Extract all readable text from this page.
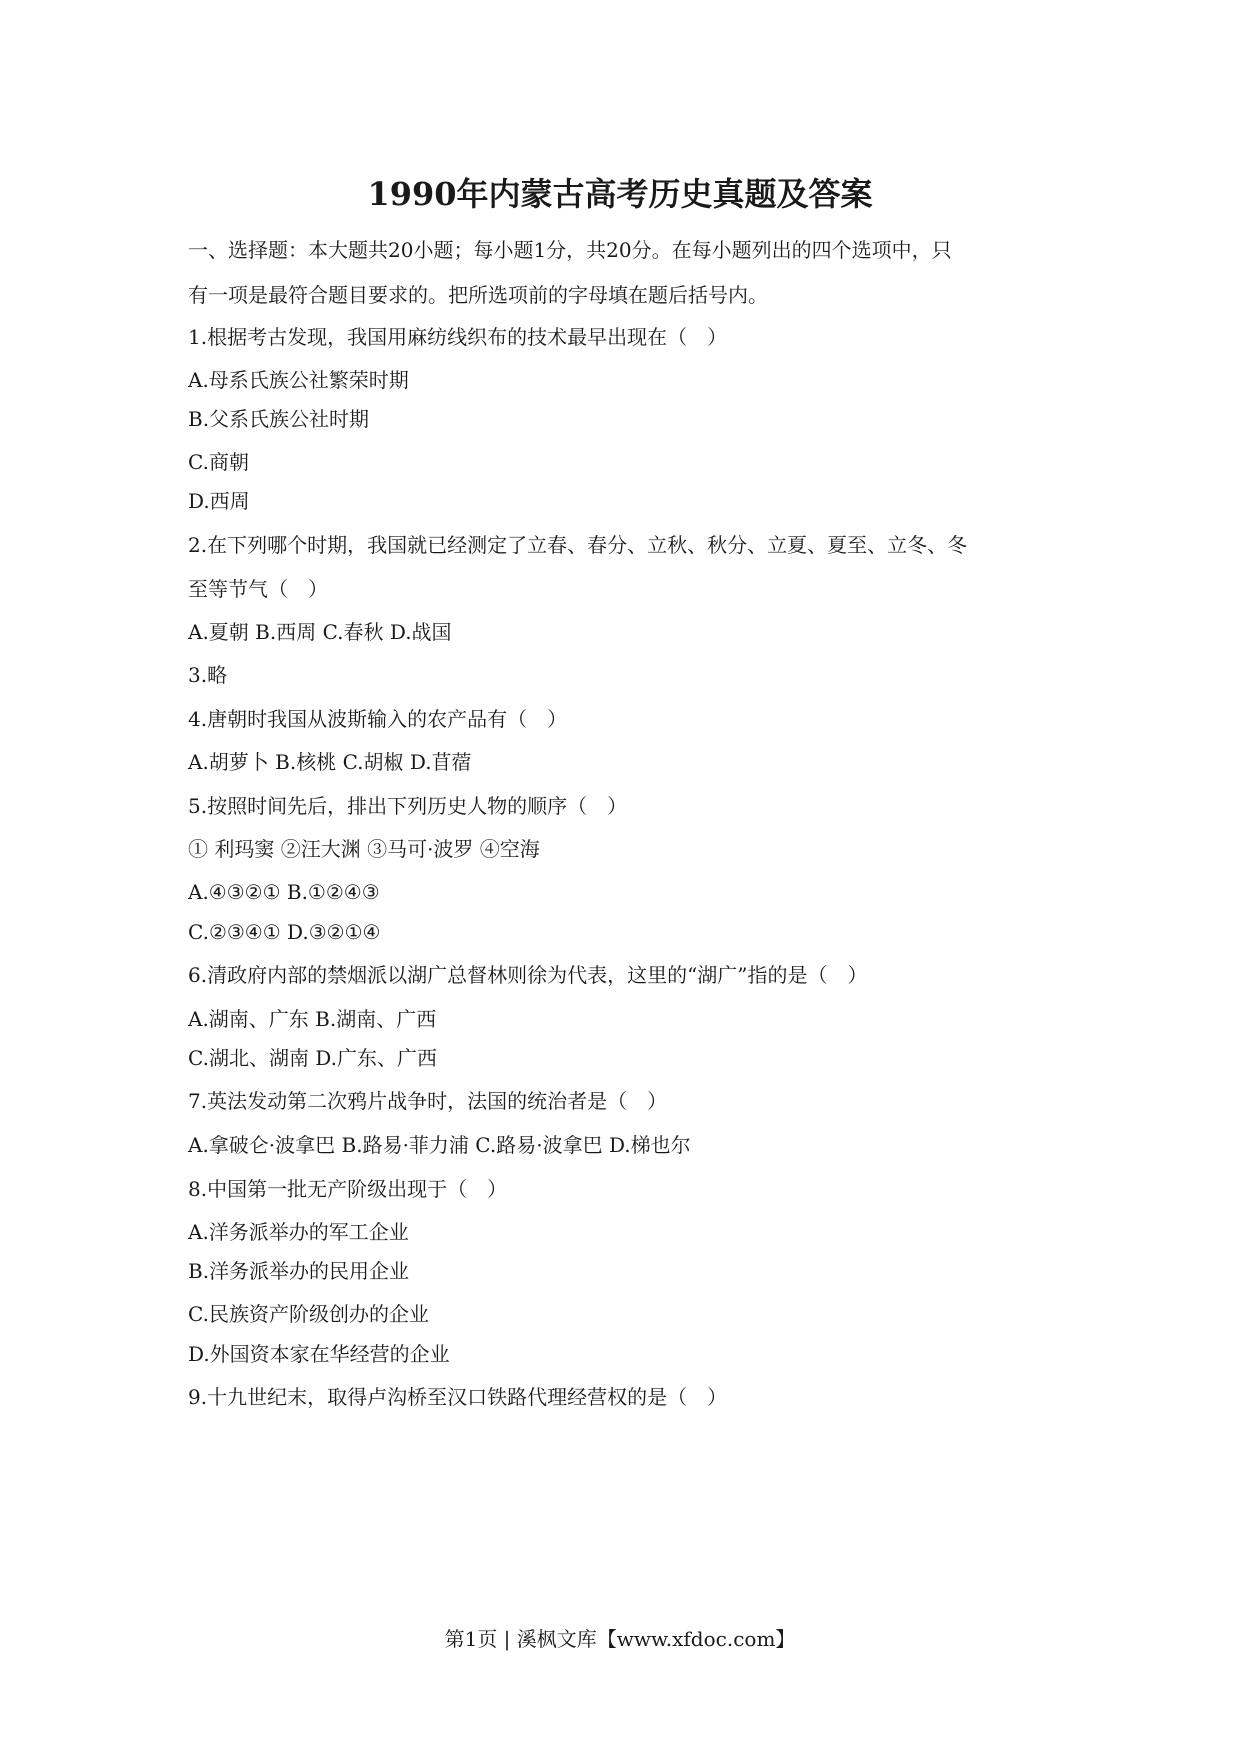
1990年内蒙古高考历史真题及答案
一、选择题：本大题共20小题；每小题1分，共20分。在每小题列出的四个选项中，只
有一项是最符合题目要求的。把所选项前的字母填在题后括号内。
1.根据考古发现，我国用麻纺线织布的技术最早出现在（　）
A.母系氏族公社繁荣时期
B.父系氏族公社时期
C.商朝
D.西周
2.在下列哪个时期，我国就已经测定了立春、春分、立秋、秋分、立夏、夏至、立冬、冬
至等节气（　）
A.夏朝 B.西周 C.春秋 D.战国
3.略
4.唐朝时我国从波斯输入的农产品有（　）
A.胡萝卜 B.核桃 C.胡椒 D.苜蓿
5.按照时间先后，排出下列历史人物的顺序（　）
① 利玛窦 ②汪大渊 ③马可·波罗 ④空海
A.④③②① B.①②④③
C.②③④① D.③②①④
6.清政府内部的禁烟派以湖广总督林则徐为代表，这里的“湖广”指的是（　）
A.湖南、广东 B.湖南、广西
C.湖北、湖南 D.广东、广西
7.英法发动第二次鸦片战争时，法国的统治者是（　）
A.拿破仑·波拿巴 B.路易·菲力浦 C.路易·波拿巴 D.梯也尔
8.中国第一批无产阶级出现于（　）
A.洋务派举办的军工企业
B.洋务派举办的民用企业
C.民族资产阶级创办的企业
D.外国资本家在华经营的企业
9.十九世纪末，取得卢沟桥至汉口铁路代理经营权的是（　）
第1页 | 溪枫文库【www.xfdoc.com】
